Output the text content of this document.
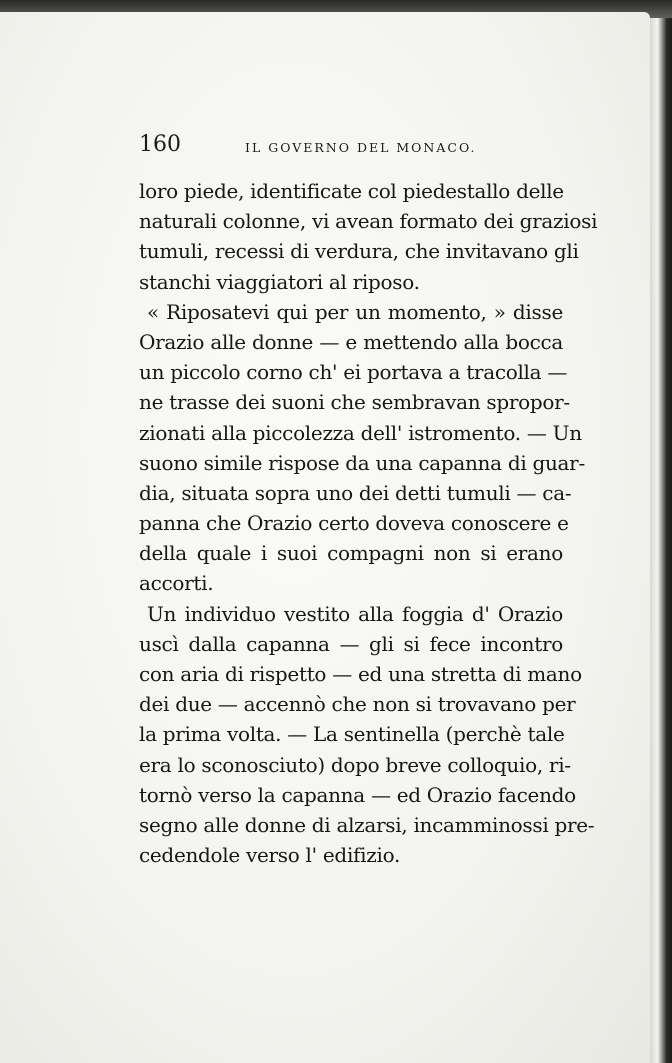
160	IL GOVERNO DEL MONACO.
loro piede, identificate col piedestallo delle
naturali colonne, vi avean formato dei graziosi
tumuli, recessi di verdura, che invitavano gli
stanchi viaggiatori al riposo.
« Riposatevi qui per un momento, » disse
Orazio alle donne — e mettendo alla bocca
un piccolo corno ch' ei portava a tracolla —
ne trasse dei suoni che sembravan spropor-
zionati alla piccolezza dell' istromento. — Un
suono simile rispose da una capanna di guar-
dia, situata sopra uno dei detti tumuli — ca-
panna che Orazio certo doveva conoscere e
della quale i suoi compagni non si erano
accorti.
Un individuo vestito alla foggia d' Orazio
uscì dalla capanna — gli si fece incontro
con aria di rispetto — ed una stretta di mano
dei due — accennò che non si trovavano per
la prima volta. — La sentinella (perchè tale
era lo sconosciuto) dopo breve colloquio, ri-
tornò verso la capanna — ed Orazio facendo
segno alle donne di alzarsi, incamminossi pre-
cedendole verso l' edifizio.
